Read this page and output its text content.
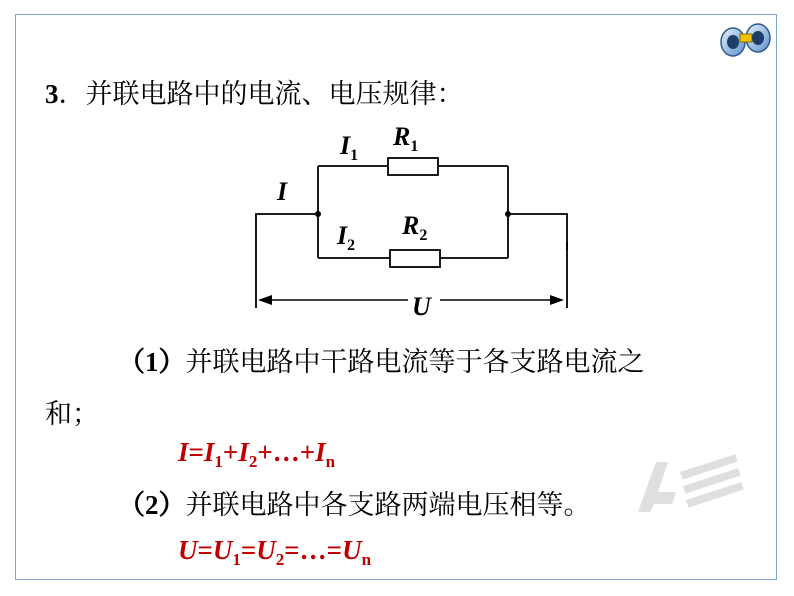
3．并联电路中的电流、电压规律：
$I_1$
$R_1$
I
$I_2$
$R_2$
U
（1）并联电路中干路电流等于各支路电流之
和；
$I=I_1+I_2+\dots+I_n$
（2）并联电路中各支路两端电压相等。
$U=U_1=U_2=\dots=U_n$
